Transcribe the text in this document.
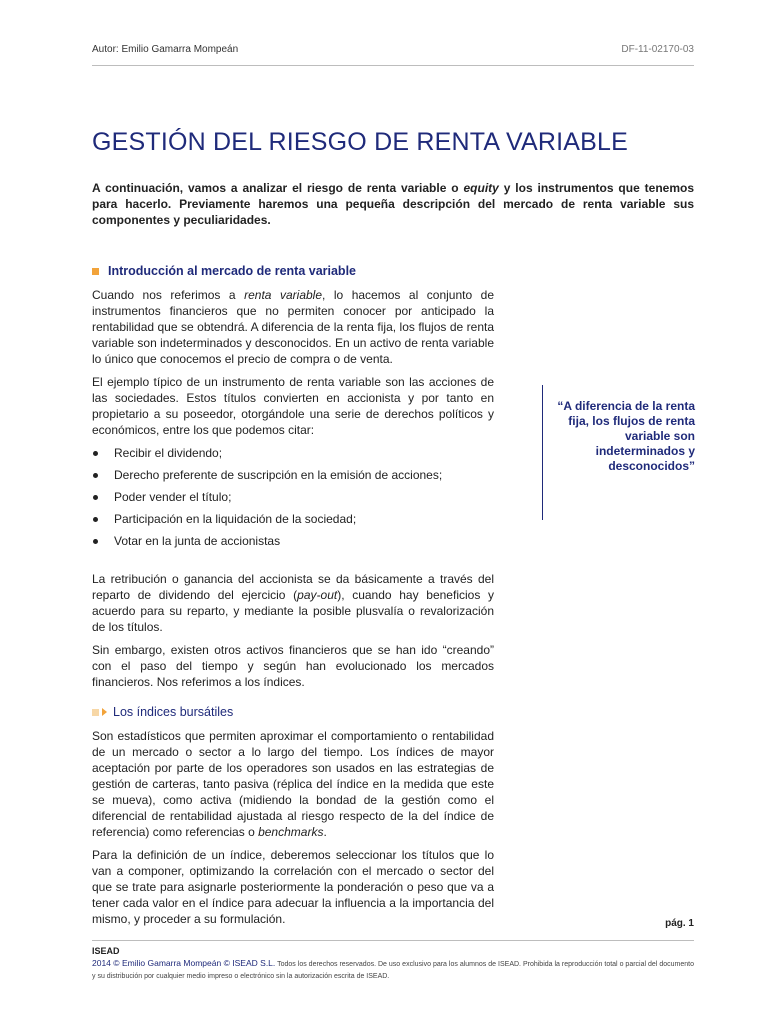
Autor: Emilio Gamarra Mompeán	DF-11-02170-03
GESTIÓN DEL RIESGO DE RENTA VARIABLE
A continuación, vamos a analizar el riesgo de renta variable o equity y los instrumentos que tenemos para hacerlo. Previamente haremos una pequeña descripción del mercado de renta variable sus componentes y peculiaridades.
Introducción al mercado de renta variable

Cuando nos referimos a renta variable, lo hacemos al conjunto de instrumentos financieros que no permiten conocer por anticipado la rentabilidad que se obtendrá. A diferencia de la renta fija, los flujos de renta variable son indeterminados y desconocidos. En un activo de renta variable lo único que conocemos el precio de compra o de venta.

El ejemplo típico de un instrumento de renta variable son las acciones de las sociedades. Estos títulos convierten en accionista y por tanto en propietario a su poseedor, otorgándole una serie de derechos políticos y económicos, entre los que podemos citar:

Recibir el dividendo;
Derecho preferente de suscripción en la emisión de acciones;
Poder vender el título;
Participación en la liquidación de la sociedad;
Votar en la junta de accionistas

La retribución o ganancia del accionista se da básicamente a través del reparto de dividendo del ejercicio (pay-out), cuando hay beneficios y acuerdo para su reparto, y mediante la posible plusvalía o revalorización de los títulos.

Sin embargo, existen otros activos financieros que se han ido “creando” con el paso del tiempo y según han evolucionado los mercados financieros. Nos referimos a los índices.

Los índices bursátiles

Son estadísticos que permiten aproximar el comportamiento o rentabilidad de un mercado o sector a lo largo del tiempo. Los índices de mayor aceptación por parte de los operadores son usados en las estrategias de gestión de carteras, tanto pasiva (réplica del índice en la medida que este se mueva), como activa (midiendo la bondad de la gestión como el diferencial de rentabilidad ajustada al riesgo respecto de la del índice de referencia) como referencias o benchmarks.

Para la definición de un índice, deberemos seleccionar los títulos que lo van a componer, optimizando la correlación con el mercado o sector del que se trate para asignarle posteriormente la ponderación o peso que va a tener cada valor en el índice para adecuar la influencia a la importancia del mismo, y proceder a su formulación.

“A diferencia de la renta fija, los flujos de renta variable son indeterminados y desconocidos”

pág. 1
ISEAD
2014 © Emilio Gamarra Mompeán © ISEAD S.L. Todos los derechos reservados. De uso exclusivo para los alumnos de ISEAD. Prohibida la reproducción total o parcial del documento y su distribución por cualquier medio impreso o electrónico sin la autorización escrita de ISEAD.
